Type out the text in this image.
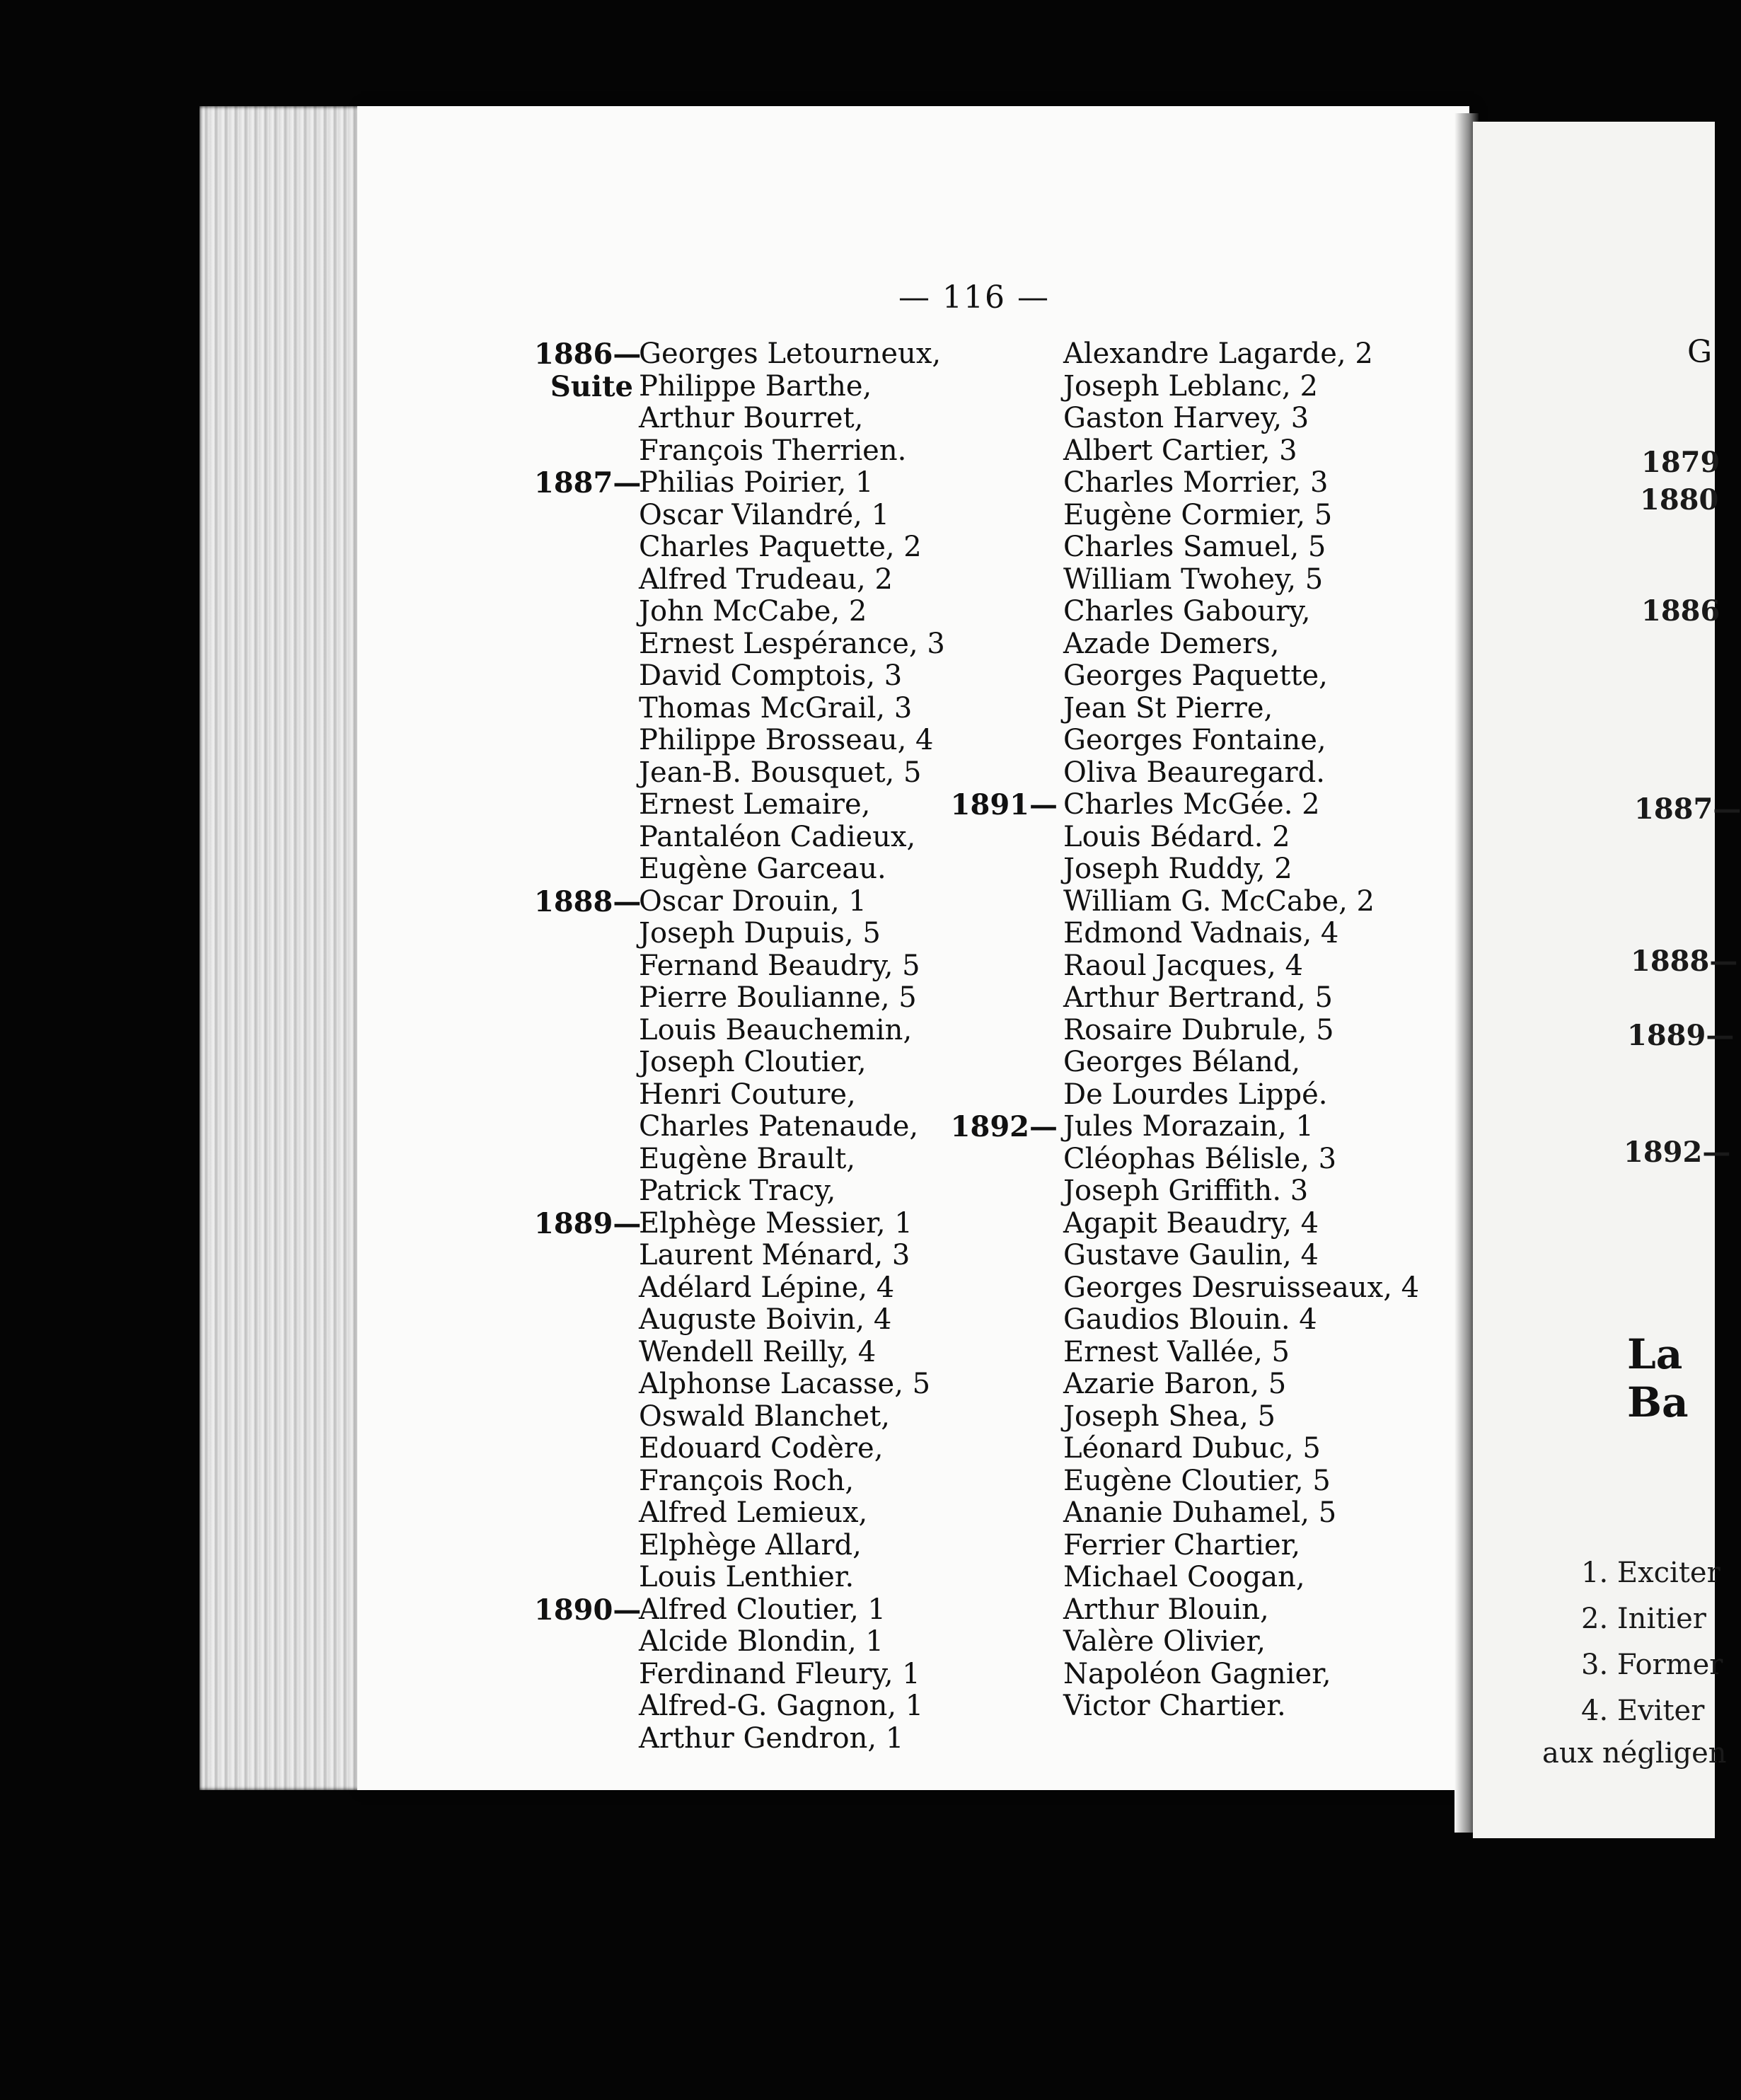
G
1879
1880
1886
1887—
1888—
1889—
1892—
La Ba
1. Exciter
2. Initier
3. Former
4. Eviter
aux négligen
— 116 —
1886—
Georges Letourneux,
Suite Philippe Barthe,
Arthur Bourret,
François Therrien.
1887—
Philias Poirier, 1
Oscar Vilandré, 1
Charles Paquette, 2
Alfred Trudeau, 2
John McCabe, 2
Ernest Lespérance, 3
David Comptois, 3
Thomas McGrail, 3
Philippe Brosseau, 4
Jean-B. Bousquet, 5
Ernest Lemaire,
Pantaléon Cadieux,
Eugène Garceau.
1888—
Oscar Drouin, 1
Joseph Dupuis, 5
Fernand Beaudry, 5
Pierre Boulianne, 5
Louis Beauchemin,
Joseph Cloutier,
Henri Couture,
Charles Patenaude,
Eugène Brault,
Patrick Tracy,
1889—
Elphège Messier, 1
Laurent Ménard, 3
Adélard Lépine, 4
Auguste Boivin, 4
Wendell Reilly, 4
Alphonse Lacasse, 5
Oswald Blanchet,
Edouard Codère,
François Roch,
Alfred Lemieux,
Elphège Allard,
Louis Lenthier.
1890—
Alfred Cloutier, 1
Alcide Blondin, 1
Ferdinand Fleury, 1
Alfred-G. Gagnon, 1
Arthur Gendron, 1
Alexandre Lagarde, 2
Joseph Leblanc, 2
Gaston Harvey, 3
Albert Cartier, 3
Charles Morrier, 3
Eugène Cormier, 5
Charles Samuel, 5
William Twohey, 5
Charles Gaboury,
Azade Demers,
Georges Paquette,
Jean St Pierre,
Georges Fontaine,
Oliva Beauregard.
1891— Charles McGée. 2
Louis Bédard. 2
Joseph Ruddy, 2
William G. McCabe, 2
Edmond Vadnais, 4
Raoul Jacques, 4
Arthur Bertrand, 5
Rosaire Dubrule, 5
Georges Béland,
De Lourdes Lippé.
1892— Jules Morazain, 1
Cléophas Bélisle, 3
Joseph Griffith. 3
Agapit Beaudry, 4
Gustave Gaulin, 4
Georges Desruisseaux, 4
Gaudios Blouin. 4
Ernest Vallée, 5
Azarie Baron, 5
Joseph Shea, 5
Léonard Dubuc, 5
Eugène Cloutier, 5
Ananie Duhamel, 5
Ferrier Chartier,
Michael Coogan,
Arthur Blouin,
Valère Olivier,
Napoléon Gagnier,
Victor Chartier.
